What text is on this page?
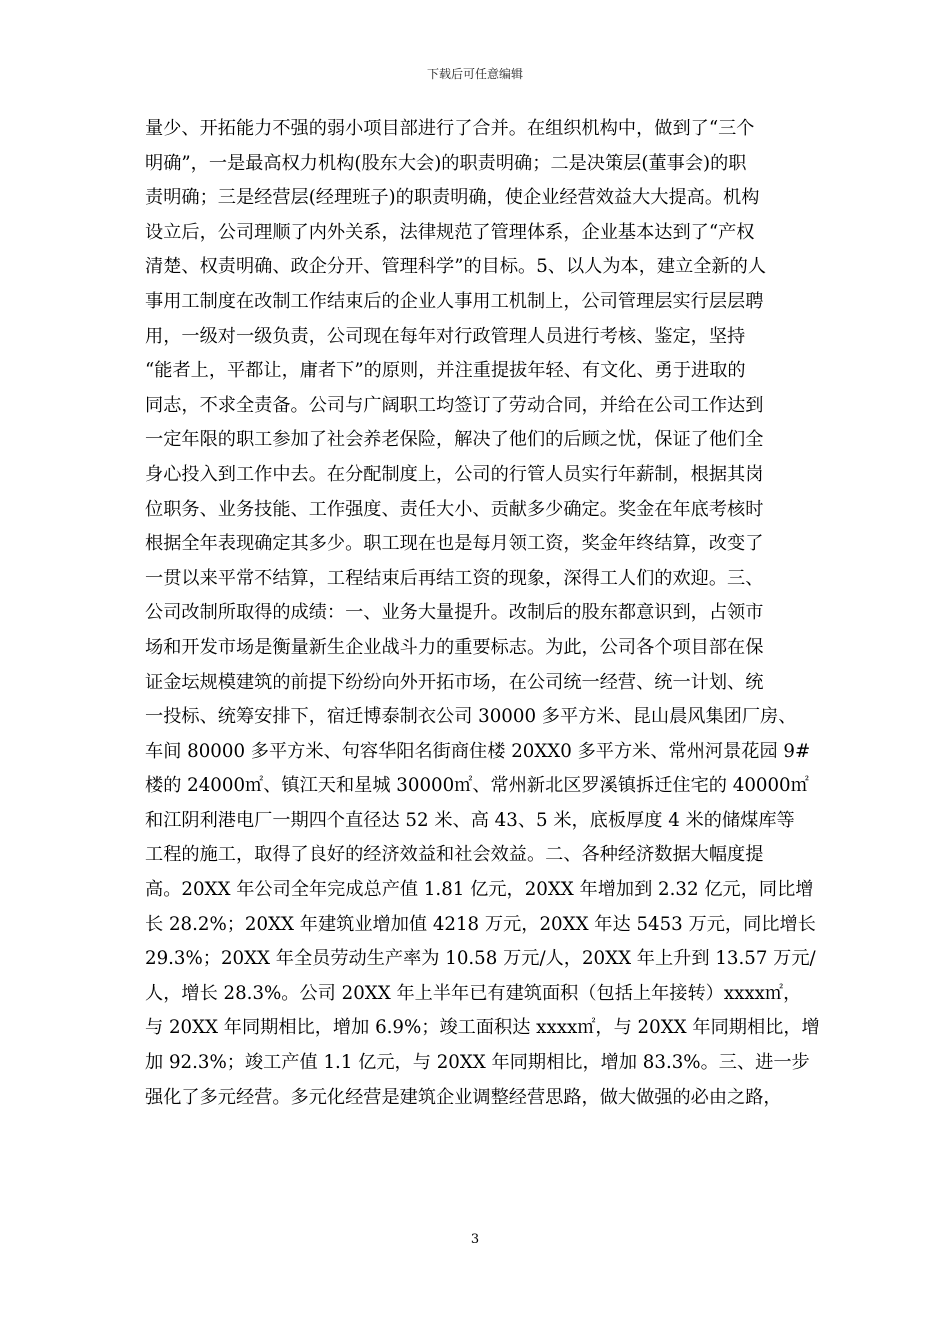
下载后可任意编辑
量少、开拓能力不强的弱小项目部进行了合并。在组织机构中，做到了“三个
明确”，一是最高权力机构(股东大会)的职责明确；二是决策层(董事会)的职
责明确；三是经营层(经理班子)的职责明确，使企业经营效益大大提高。机构
设立后，公司理顺了内外关系，法律规范了管理体系，企业基本达到了“产权
清楚、权责明确、政企分开、管理科学”的目标。5、以人为本，建立全新的人
事用工制度在改制工作结束后的企业人事用工机制上，公司管理层实行层层聘
用，一级对一级负责，公司现在每年对行政管理人员进行考核、鉴定，坚持
“能者上，平都让，庸者下”的原则，并注重提拔年轻、有文化、勇于进取的
同志，不求全责备。公司与广阔职工均签订了劳动合同，并给在公司工作达到
一定年限的职工参加了社会养老保险，解决了他们的后顾之忧，保证了他们全
身心投入到工作中去。在分配制度上，公司的行管人员实行年薪制，根据其岗
位职务、业务技能、工作强度、责任大小、贡献多少确定。奖金在年底考核时
根据全年表现确定其多少。职工现在也是每月领工资，奖金年终结算，改变了
一贯以来平常不结算，工程结束后再结工资的现象，深得工人们的欢迎。三、
公司改制所取得的成绩：一、业务大量提升。改制后的股东都意识到，占领市
场和开发市场是衡量新生企业战斗力的重要标志。为此，公司各个项目部在保
证金坛规模建筑的前提下纷纷向外开拓市场，在公司统一经营、统一计划、统
一投标、统筹安排下，宿迁博泰制衣公司 30000 多平方米、昆山晨风集团厂房、
车间 80000 多平方米、句容华阳名街商住楼 20XX0 多平方米、常州河景花园 9#
楼的 24000㎡、镇江天和星城 30000㎡、常州新北区罗溪镇拆迁住宅的 40000㎡
和江阴利港电厂一期四个直径达 52 米、高 43、5 米，底板厚度 4 米的储煤库等
工程的施工，取得了良好的经济效益和社会效益。二、各种经济数据大幅度提
高。20XX 年公司全年完成总产值 1.81 亿元，20XX 年增加到 2.32 亿元，同比增
长 28.2%；20XX 年建筑业增加值 4218 万元，20XX 年达 5453 万元，同比增长
29.3%；20XX 年全员劳动生产率为 10.58 万元/人，20XX 年上升到 13.57 万元/
人，增长 28.3%。公司 20XX 年上半年已有建筑面积（包括上年接转）xxxx㎡，
与 20XX 年同期相比，增加 6.9%；竣工面积达 xxxx㎡，与 20XX 年同期相比，增
加 92.3%；竣工产值 1.1 亿元，与 20XX 年同期相比，增加 83.3%。三、进一步
强化了多元经营。多元化经营是建筑企业调整经营思路，做大做强的必由之路，
3
